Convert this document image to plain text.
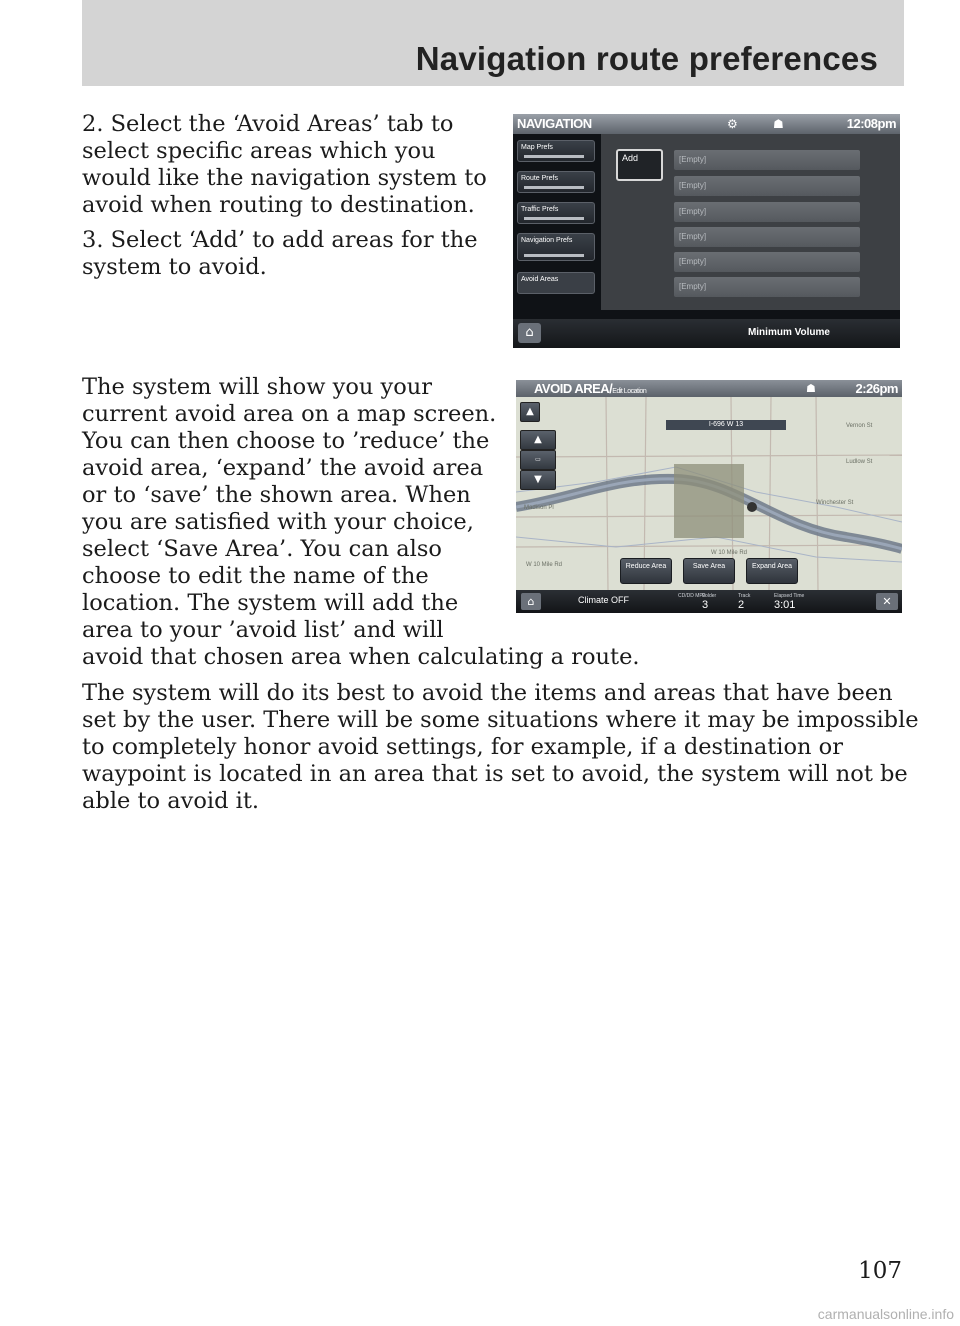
Navigation route preferences

2. Select the ‘Avoid Areas’ tab to
select specific areas which you
would like the navigation system to
avoid when routing to destination.

3. Select ‘Add’ to add areas for the
system to avoid.

NAVIGATION	⚙	☗	12:08pm
Map Prefs
Route Prefs
Traffic Prefs
Navigation Prefs
Avoid Areas
Add	[Empty]
[Empty]
[Empty]
[Empty]
[Empty]
[Empty]
⌂	Minimum Volume

The system will show you your
current avoid area on a map screen.
You can then choose to ’reduce’ the
avoid area, ‘expand’ the avoid area
or to ‘save’ the shown area. When
you are satisfied with your choice,
select ‘Save Area’. You can also
choose to edit the name of the
location. The system will add the
area to your ’avoid list’ and will
avoid that chosen area when calculating a route.

AVOID AREA/Edit Location	☗	2:26pm
I-696 W 13
▲
▲
▭
▼
Vernon St
Ludlow St
Winchester St
Madison Pl
W 10 Mile Rd
W 10 Mile Rd
Reduce Area	Save Area	Expand Area
⌂	Climate OFF	CD/DD MP3
Folder
3
Track
2
Elapsed Time
3:01	✕

The system will do its best to avoid the items and areas that have been
set by the user. There will be some situations where it may be impossible
to completely honor avoid settings, for example, if a destination or
waypoint is located in an area that is set to avoid, the system will not be
able to avoid it.

107
carmanualsonline.info
